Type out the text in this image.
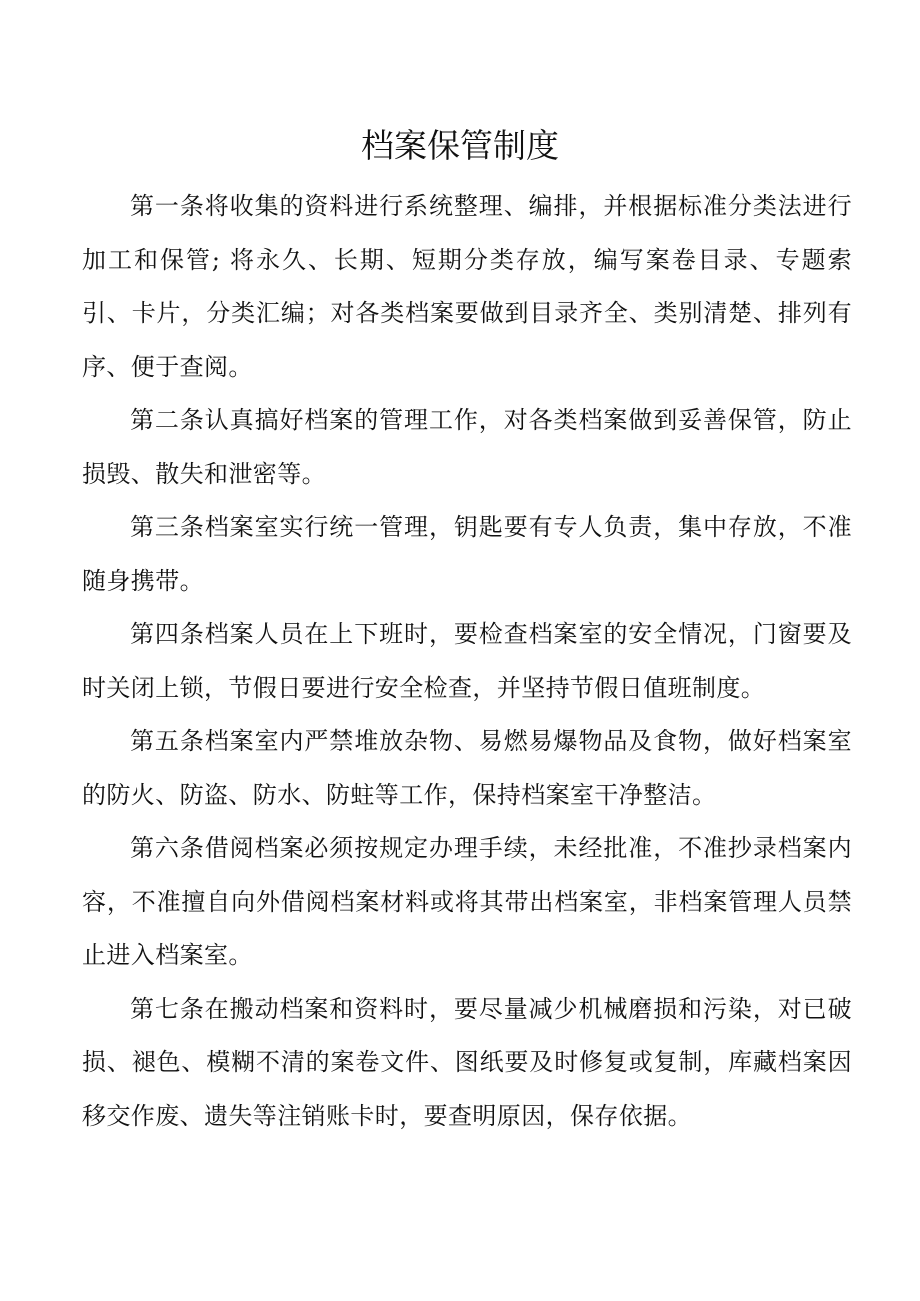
档案保管制度

第一条将收集的资料进行系统整理、编排，并根据标准分类法进行加工和保管; 将永久、长期、短期分类存放，编写案卷目录、专题索引、卡片，分类汇编；对各类档案要做到目录齐全、类别清楚、排列有序、便于查阅。

第二条认真搞好档案的管理工作，对各类档案做到妥善保管，防止损毁、散失和泄密等。

第三条档案室实行统一管理，钥匙要有专人负责，集中存放，不准随身携带。

第四条档案人员在上下班时，要检查档案室的安全情况，门窗要及时关闭上锁，节假日要进行安全检查，并坚持节假日值班制度。

第五条档案室内严禁堆放杂物、易燃易爆物品及食物，做好档案室的防火、防盗、防水、防蛀等工作，保持档案室干净整洁。

第六条借阅档案必须按规定办理手续，未经批准，不准抄录档案内容，不准擅自向外借阅档案材料或将其带出档案室，非档案管理人员禁止进入档案室。

第七条在搬动档案和资料时，要尽量减少机械磨损和污染，对已破损、褪色、模糊不清的案卷文件、图纸要及时修复或复制，库藏档案因移交作废、遗失等注销账卡时，要查明原因，保存依据。
